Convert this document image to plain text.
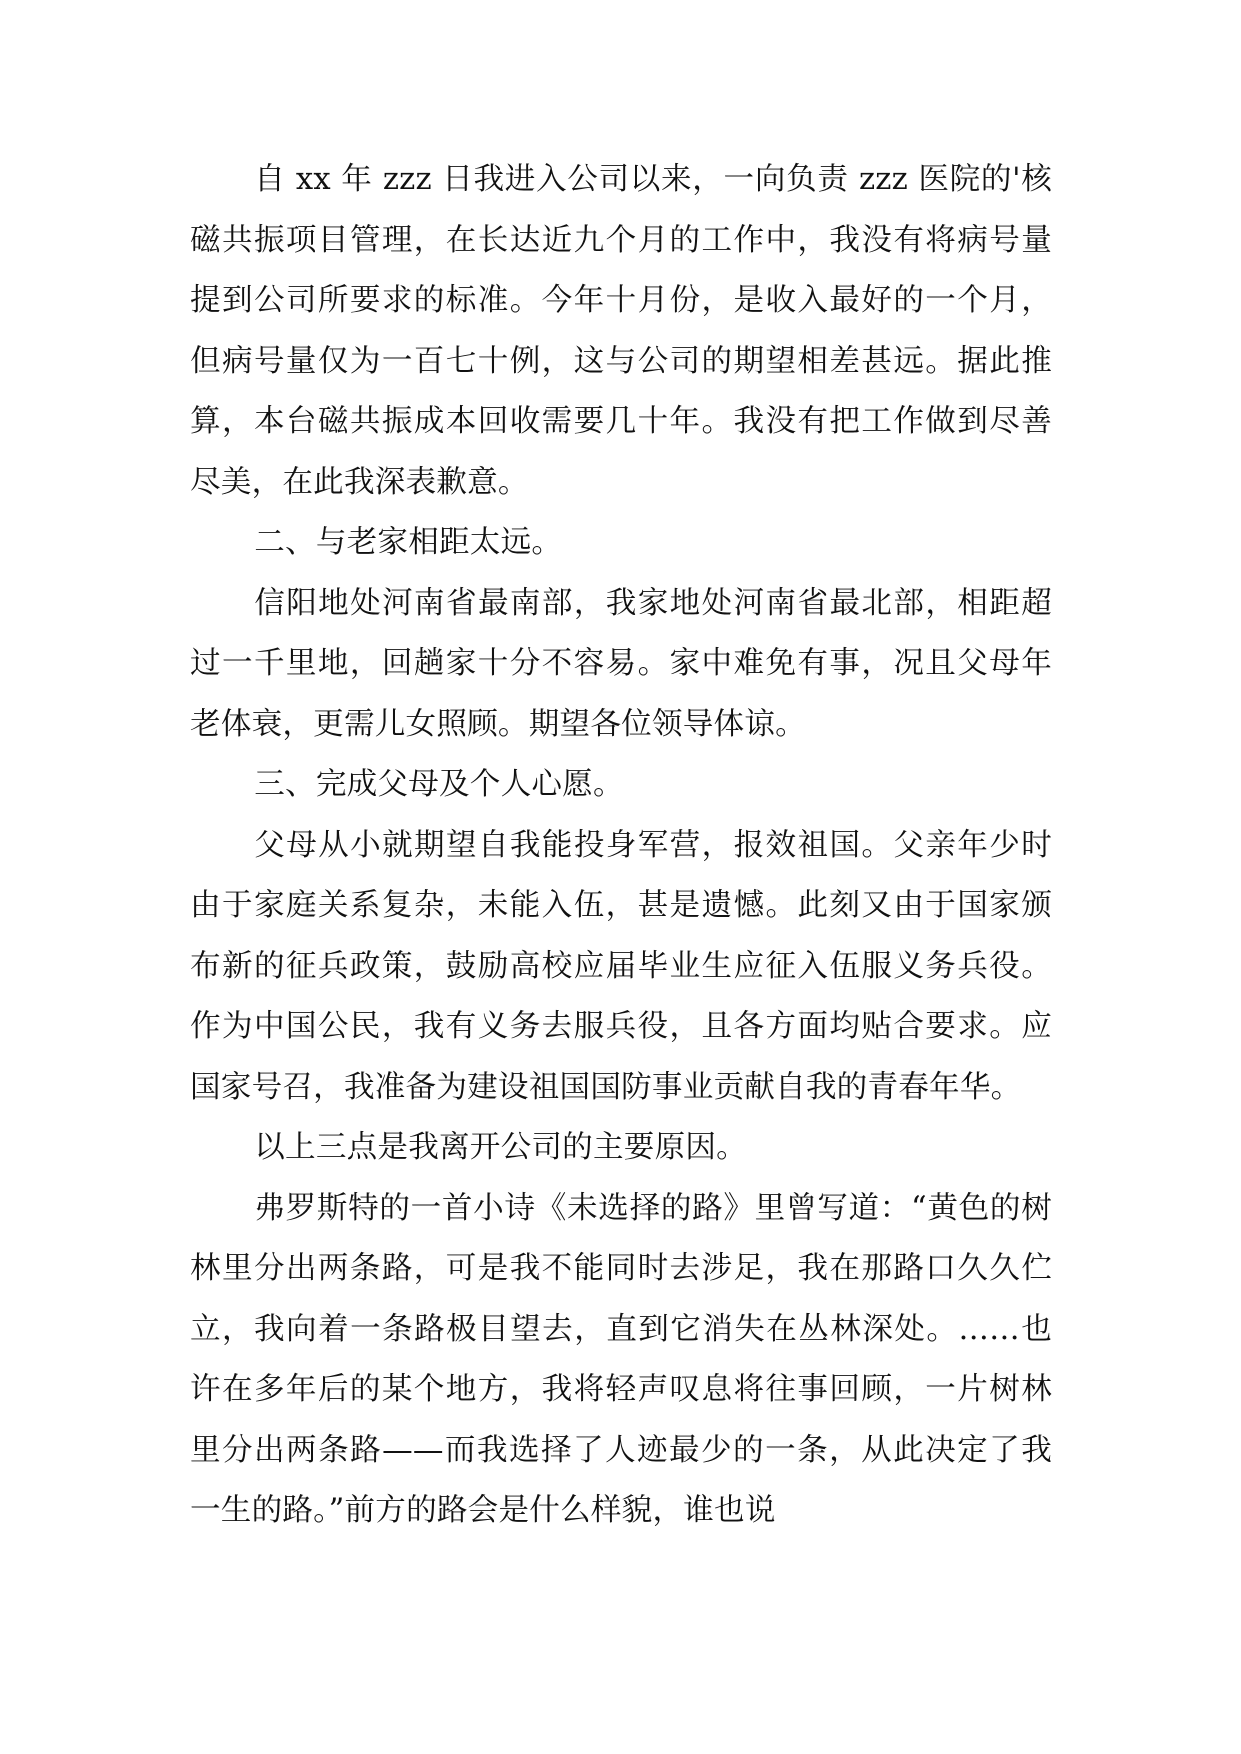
自 xx 年 zzz 日我进入公司以来，一向负责 zzz 医院的'核磁共振项目管理，在长达近九个月的工作中，我没有将病号量提到公司所要求的标准。今年十月份，是收入最好的一个月，但病号量仅为一百七十例，这与公司的期望相差甚远。据此推算，本台磁共振成本回收需要几十年。我没有把工作做到尽善尽美，在此我深表歉意。

二、与老家相距太远。

信阳地处河南省最南部，我家地处河南省最北部，相距超过一千里地，回趟家十分不容易。家中难免有事，况且父母年老体衰，更需儿女照顾。期望各位领导体谅。

三、完成父母及个人心愿。

父母从小就期望自我能投身军营，报效祖国。父亲年少时由于家庭关系复杂，未能入伍，甚是遗憾。此刻又由于国家颁布新的征兵政策，鼓励高校应届毕业生应征入伍服义务兵役。作为中国公民，我有义务去服兵役，且各方面均贴合要求。应国家号召，我准备为建设祖国国防事业贡献自我的青春年华。

以上三点是我离开公司的主要原因。

弗罗斯特的一首小诗《未选择的路》里曾写道：“黄色的树林里分出两条路，可是我不能同时去涉足，我在那路口久久伫立，我向着一条路极目望去，直到它消失在丛林深处。……也许在多年后的某个地方，我将轻声叹息将往事回顾，一片树林里分出两条路——而我选择了人迹最少的一条，从此决定了我一生的路。”前方的路会是什么样貌，谁也说
